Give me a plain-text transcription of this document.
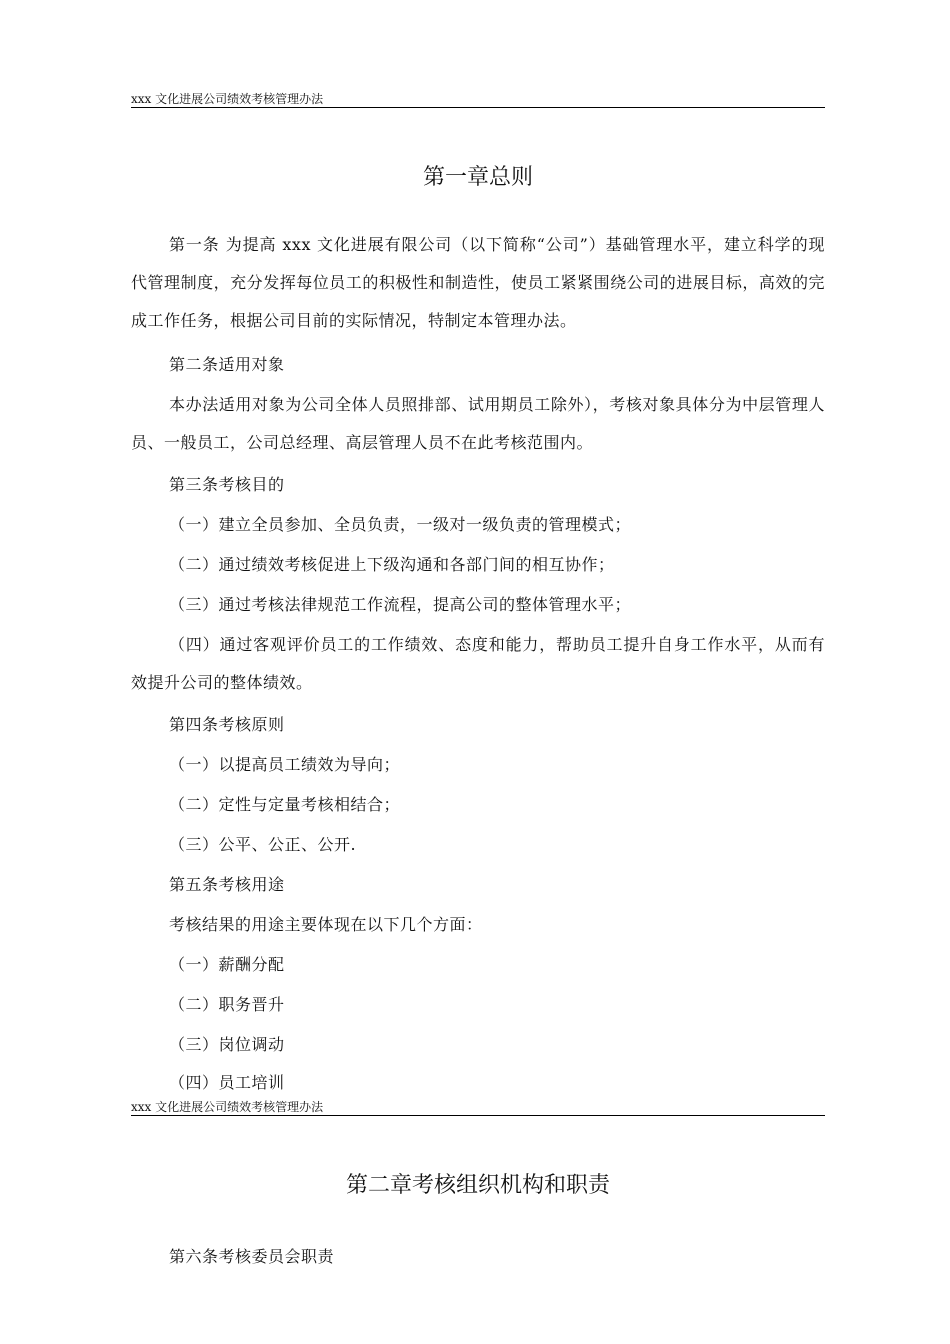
xxx 文化进展公司绩效考核管理办法
第一章总则

第一条 为提高 xxx 文化进展有限公司（以下简称“公司”）基础管理水平，建立科学的现代管理制度，充分发挥每位员工的积极性和制造性，使员工紧紧围绕公司的进展目标，高效的完成工作任务，根据公司目前的实际情况，特制定本管理办法。

第二条适用对象

本办法适用对象为公司全体人员照排部、试用期员工除外），考核对象具体分为中层管理人员、一般员工，公司总经理、高层管理人员不在此考核范围内。

第三条考核目的

（一）建立全员参加、全员负责，一级对一级负责的管理模式；

（二）通过绩效考核促进上下级沟通和各部门间的相互协作；

（三）通过考核法律规范工作流程，提高公司的整体管理水平；

（四）通过客观评价员工的工作绩效、态度和能力，帮助员工提升自身工作水平，从而有效提升公司的整体绩效。

第四条考核原则

（一）以提高员工绩效为导向；

（二）定性与定量考核相结合；

（三）公平、公正、公开.

第五条考核用途

考核结果的用途主要体现在以下几个方面：

（一）薪酬分配

（二）职务晋升

（三）岗位调动

（四）员工培训

xxx 文化进展公司绩效考核管理办法
第二章考核组织机构和职责

第六条考核委员会职责
